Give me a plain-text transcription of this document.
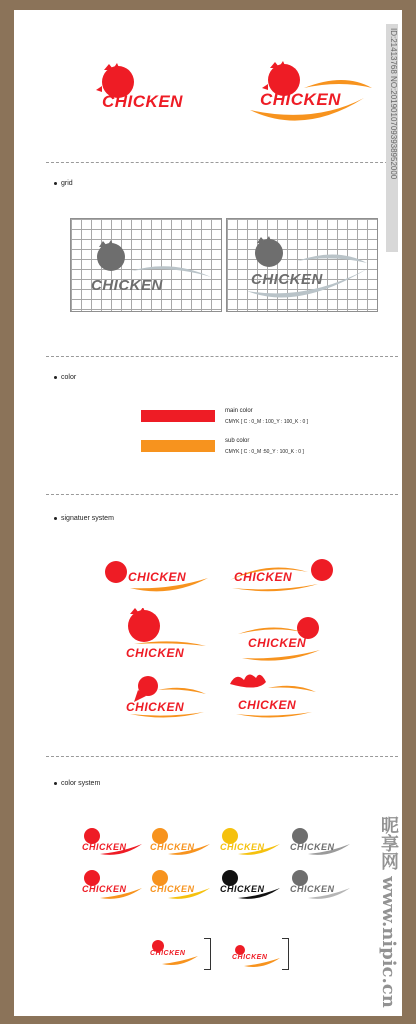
CHICKEN	CHICKEN
grid
CHICKEN	CHICKEN
color
main color
CMYK [ C : 0_M : 100_Y : 100_K : 0 ]
sub color
CMYK [ C : 0_M :50_Y : 100_K : 0 ]
signatuer system
CHICKEN	CHICKEN
CHICKEN
CHICKEN
CHICKEN	CHICKEN
color system
CHICKEN	CHICKEN	CHICKEN	CHICKEN
CHICKEN	CHICKEN	CHICKEN	CHICKEN
CHICKEN
CHICKEN
ID:21413768 NO:20190107093938952000
昵享网 www.nipic.cn
